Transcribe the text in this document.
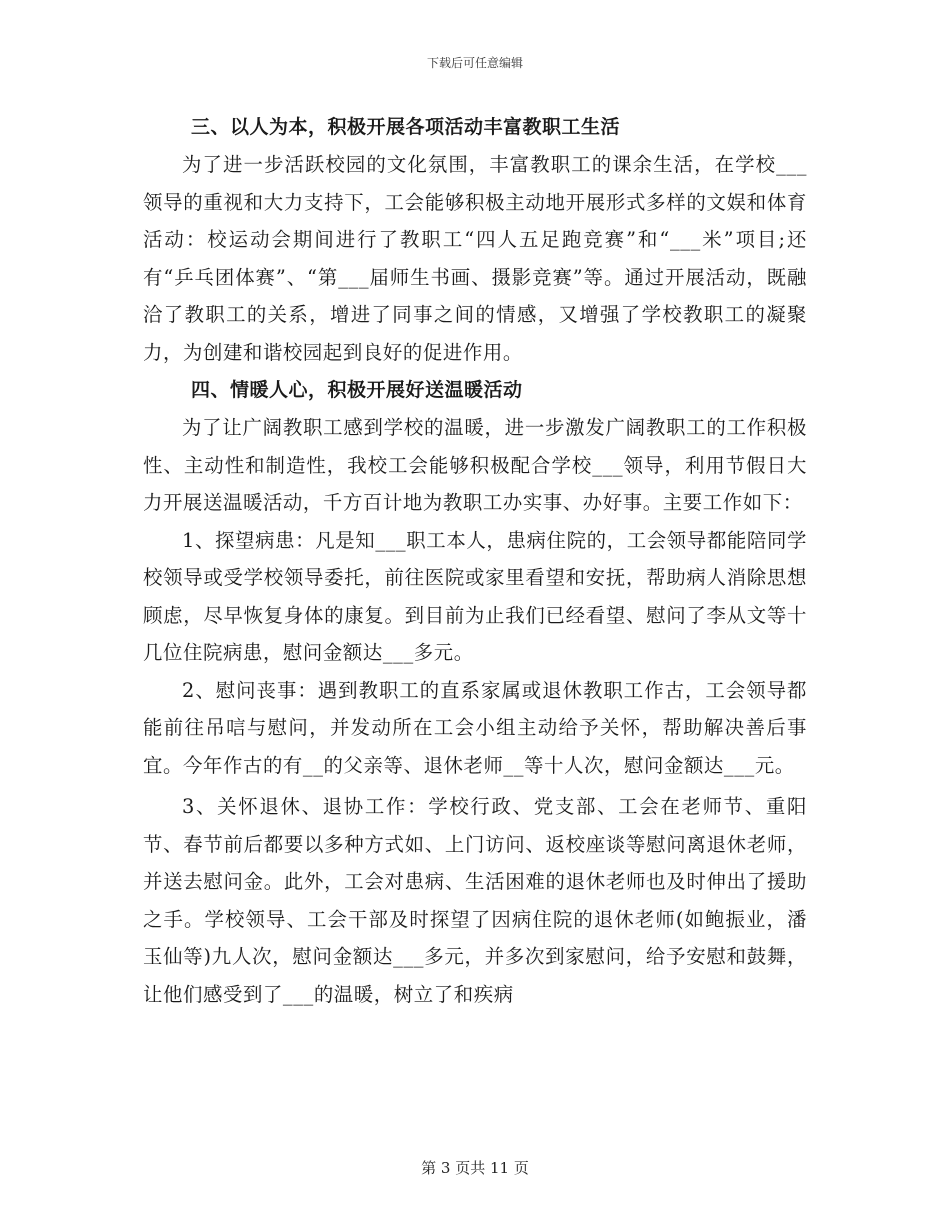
下载后可任意编辑

三、以人为本，积极开展各项活动丰富教职工生活

为了进一步活跃校园的文化氛围，丰富教职工的课余生活，在学校___领导的重视和大力支持下，工会能够积极主动地开展形式多样的文娱和体育活动：校运动会期间进行了教职工“四人五足跑竞赛”和“___米”项目;还有“乒乓团体赛”、“第___届师生书画、摄影竞赛”等。通过开展活动，既融洽了教职工的关系，增进了同事之间的情感，又增强了学校教职工的凝聚力，为创建和谐校园起到良好的促进作用。

四、情暖人心，积极开展好送温暖活动

为了让广阔教职工感到学校的温暖，进一步激发广阔教职工的工作积极性、主动性和制造性，我校工会能够积极配合学校___领导，利用节假日大力开展送温暖活动，千方百计地为教职工办实事、办好事。主要工作如下：

1、探望病患：凡是知___职工本人，患病住院的，工会领导都能陪同学校领导或受学校领导委托，前往医院或家里看望和安抚，帮助病人消除思想顾虑，尽早恢复身体的康复。到目前为止我们已经看望、慰问了李从文等十几位住院病患，慰问金额达___多元。

2、慰问丧事：遇到教职工的直系家属或退休教职工作古，工会领导都能前往吊唁与慰问，并发动所在工会小组主动给予关怀，帮助解决善后事宜。今年作古的有__的父亲等、退休老师__等十人次，慰问金额达___元。

3、关怀退休、退协工作：学校行政、党支部、工会在老师节、重阳节、春节前后都要以多种方式如、上门访问、返校座谈等慰问离退休老师，并送去慰问金。此外，工会对患病、生活困难的退休老师也及时伸出了援助之手。学校领导、工会干部及时探望了因病住院的退休老师(如鲍振业，潘玉仙等)九人次，慰问金额达___多元，并多次到家慰问，给予安慰和鼓舞，让他们感受到了___的温暖，树立了和疾病

第 3 页共 11 页
